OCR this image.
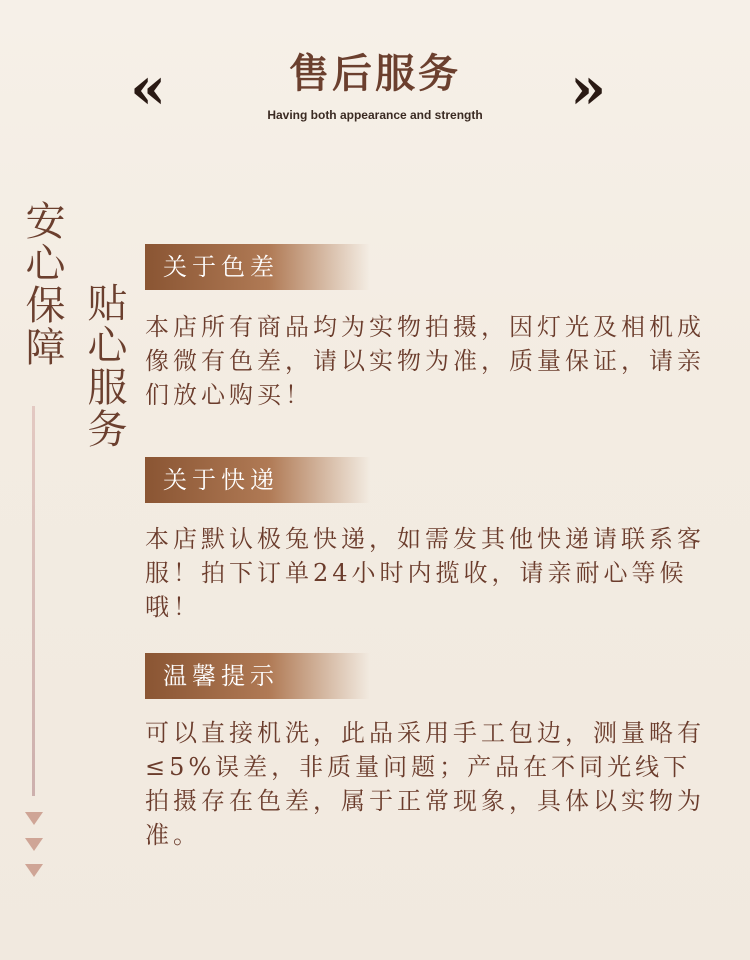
«	售后服务	»
Having both appearance and strength
安心保障 贴心服务
关于色差
本店所有商品均为实物拍摄，因灯光及相机成像微有色差，请以实物为准，质量保证，请亲们放心购买！
关于快递
本店默认极兔快递，如需发其他快递请联系客服！拍下订单24小时内揽收，请亲耐心等候哦！
温馨提示
可以直接机洗，此品采用手工包边，测量略有≤5%误差，非质量问题；产品在不同光线下拍摄存在色差，属于正常现象，具体以实物为准。
